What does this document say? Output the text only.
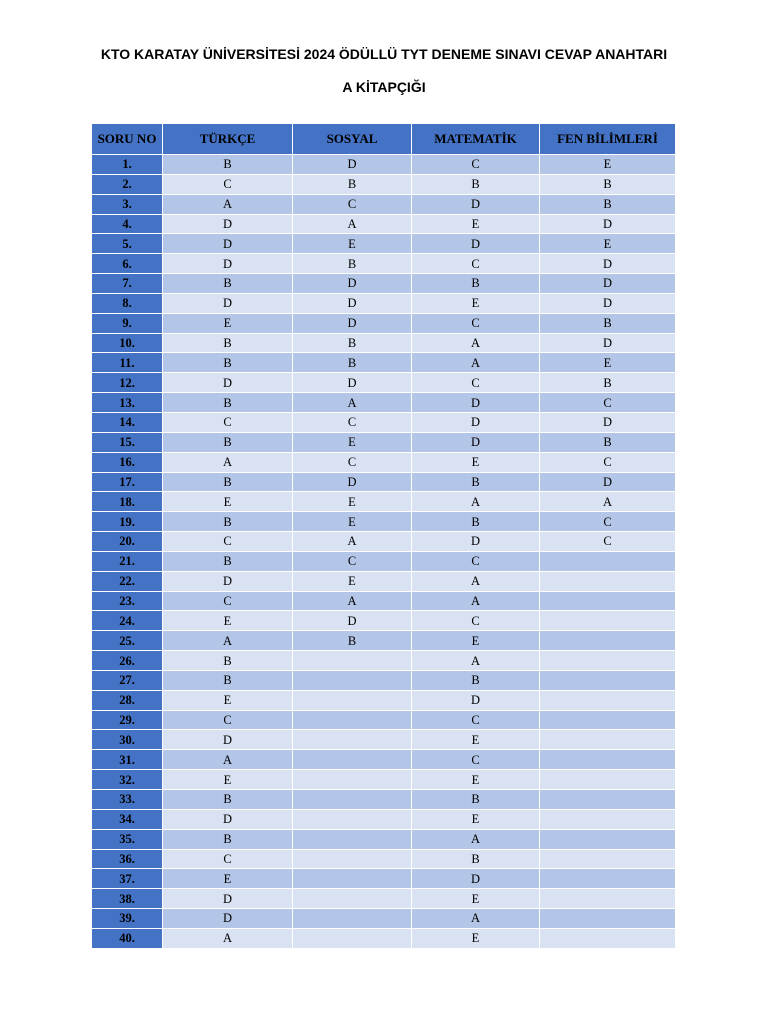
KTO KARATAY ÜNİVERSİTESİ 2024 ÖDÜLLÜ TYT DENEME SINAVI CEVAP ANAHTARI
A KİTAPÇIĞI
SORU NO	TÜRKÇE	SOSYAL	MATEMATİK	FEN BİLİMLERİ
1.	B	D	C	E
2.	C	B	B	B
3.	A	C	D	B
4.	D	A	E	D
5.	D	E	D	E
6.	D	B	C	D
7.	B	D	B	D
8.	D	D	E	D
9.	E	D	C	B
10.	B	B	A	D
11.	B	B	A	E
12.	D	D	C	B
13.	B	A	D	C
14.	C	C	D	D
15.	B	E	D	B
16.	A	C	E	C
17.	B	D	B	D
18.	E	E	A	A
19.	B	E	B	C
20.	C	A	D	C
21.	B	C	C	
22.	D	E	A	
23.	C	A	A	
24.	E	D	C	
25.	A	B	E	
26.	B		A	
27.	B		B	
28.	E		D	
29.	C		C	
30.	D		E	
31.	A		C	
32.	E		E	
33.	B		B	
34.	D		E	
35.	B		A	
36.	C		B	
37.	E		D	
38.	D		E	
39.	D		A	
40.	A		E	
